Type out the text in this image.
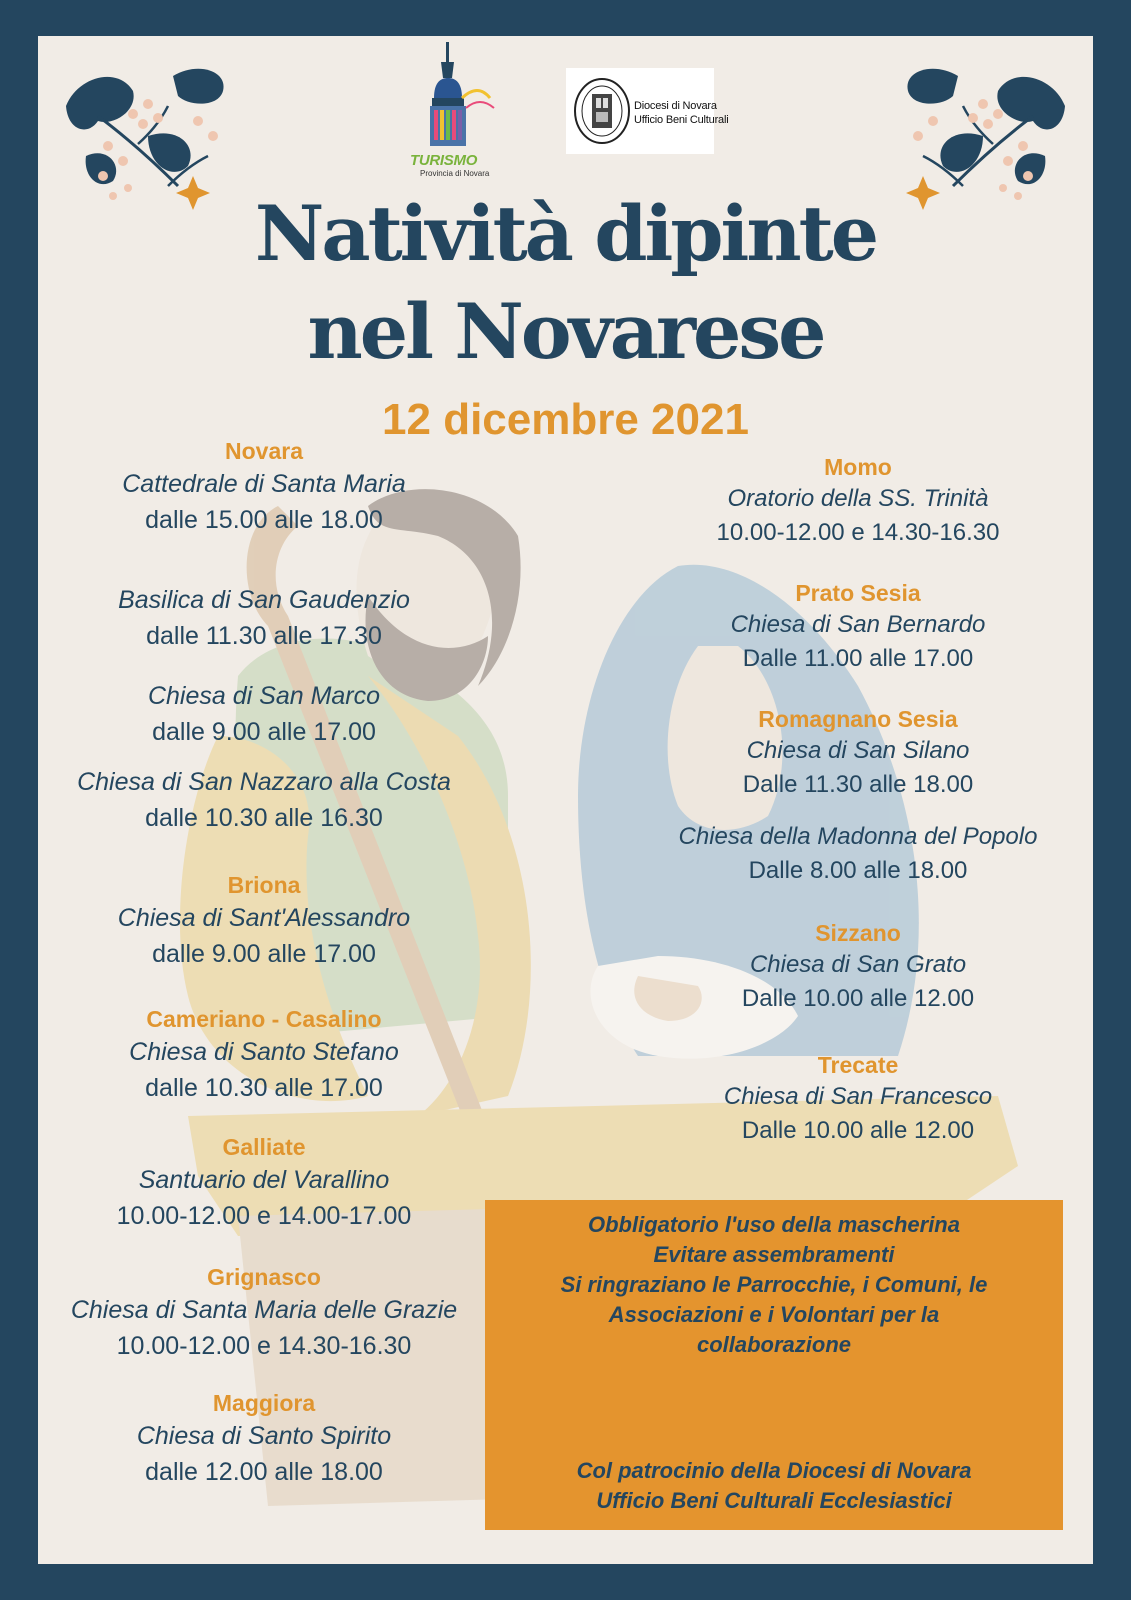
TURISMO
Provincia di Novara
Diocesi di Novara
Ufficio Beni Culturali
Natività dipinte
nel Novarese
12 dicembre 2021
Novara
Cattedrale di Santa Maria
dalle 15.00 alle 18.00
Basilica di San Gaudenzio
dalle 11.30 alle 17.30
Chiesa di San Marco
dalle 9.00 alle 17.00
Chiesa di San Nazzaro alla Costa
dalle 10.30 alle 16.30
Briona
Chiesa di Sant'Alessandro
dalle 9.00 alle 17.00
Cameriano - Casalino
Chiesa di Santo Stefano
dalle 10.30 alle 17.00
Galliate
Santuario del Varallino
10.00-12.00 e 14.00-17.00
Grignasco
Chiesa di Santa Maria delle Grazie
10.00-12.00 e 14.30-16.30
Maggiora
Chiesa di Santo Spirito
dalle 12.00 alle 18.00
Momo
Oratorio della SS. Trinità
10.00-12.00 e 14.30-16.30
Prato Sesia
Chiesa di San Bernardo
Dalle 11.00 alle 17.00
Romagnano Sesia
Chiesa di San Silano
Dalle 11.30 alle 18.00
Chiesa della Madonna del Popolo
Dalle 8.00 alle 18.00
Sizzano
Chiesa di San Grato
Dalle 10.00 alle 12.00
Trecate
Chiesa di San Francesco
Dalle 10.00 alle 12.00
Obbligatorio l'uso della mascherina
Evitare assembramenti
Si ringraziano le Parrocchie, i Comuni, le
Associazioni e i Volontari per la
collaborazione
Col patrocinio della Diocesi di Novara
Ufficio Beni Culturali Ecclesiastici
